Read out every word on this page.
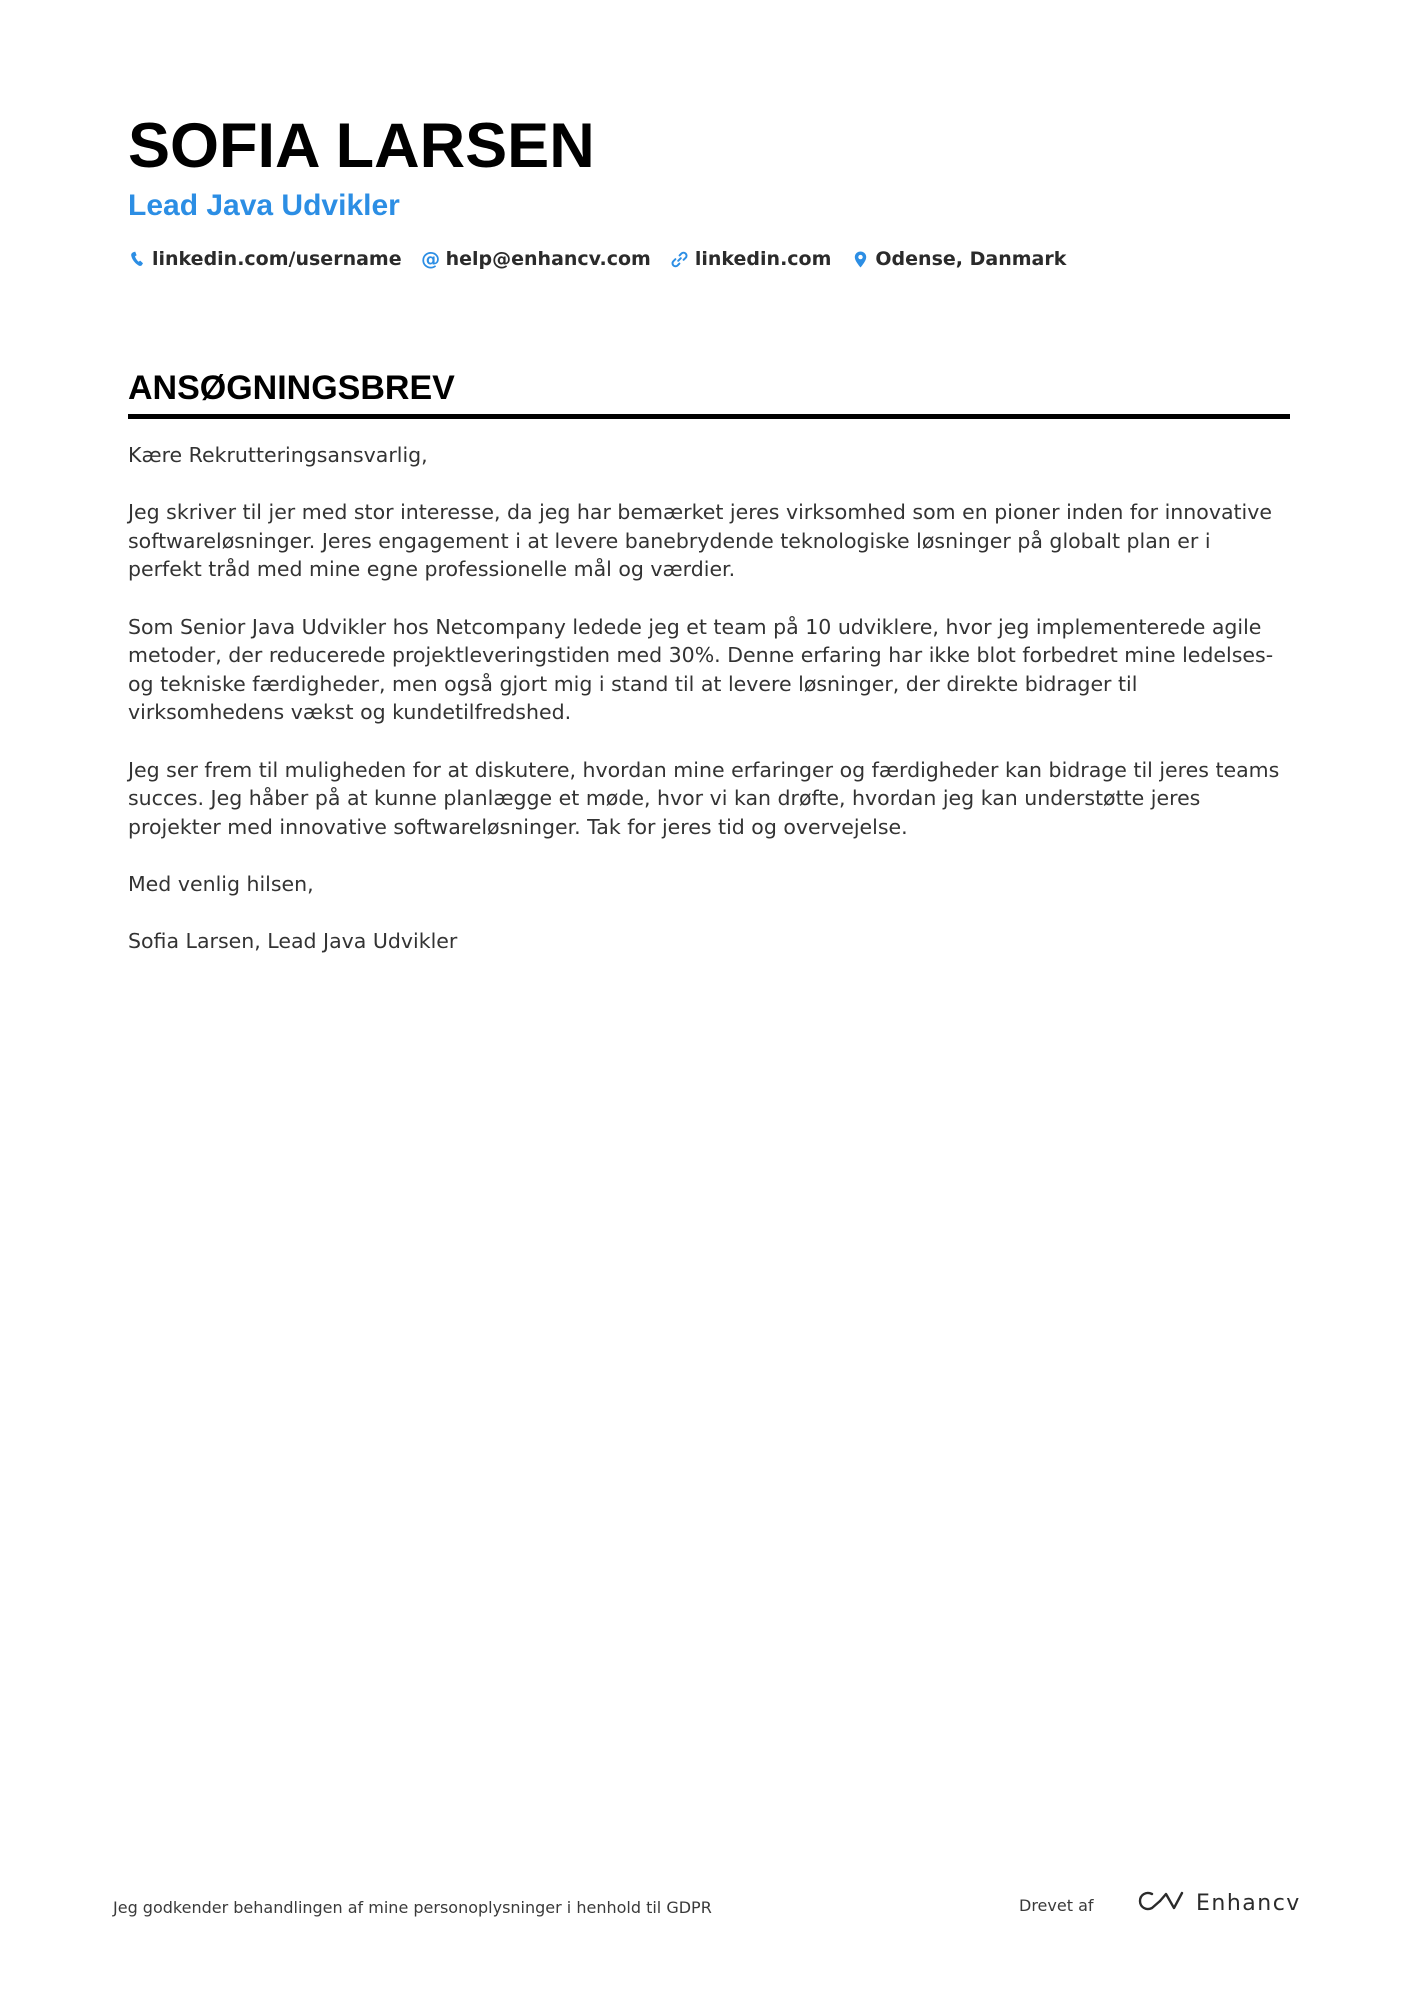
SOFIA LARSEN
Lead Java Udvikler
linkedin.com/username @ help@enhancv.com linkedin.com Odense, Danmark
ANSØGNINGSBREV

Kære Rekrutteringsansvarlig,

Jeg skriver til jer med stor interesse, da jeg har bemærket jeres virksomhed som en pioner inden for innovative softwareløsninger. Jeres engagement i at levere banebrydende teknologiske løsninger på globalt plan er i perfekt tråd med mine egne professionelle mål og værdier.

Som Senior Java Udvikler hos Netcompany ledede jeg et team på 10 udviklere, hvor jeg implementerede agile metoder, der reducerede projektleveringstiden med 30%. Denne erfaring har ikke blot forbedret mine ledelses- og tekniske færdigheder, men også gjort mig i stand til at levere løsninger, der direkte bidrager til virksomhedens vækst og kundetilfredshed.

Jeg ser frem til muligheden for at diskutere, hvordan mine erfaringer og færdigheder kan bidrage til jeres teams succes. Jeg håber på at kunne planlægge et møde, hvor vi kan drøfte, hvordan jeg kan understøtte jeres projekter med innovative softwareløsninger. Tak for jeres tid og overvejelse.

Med venlig hilsen,

Sofia Larsen, Lead Java Udvikler

Jeg godkender behandlingen af mine personoplysninger i henhold til GDPR	Drevet af	Enhancv
